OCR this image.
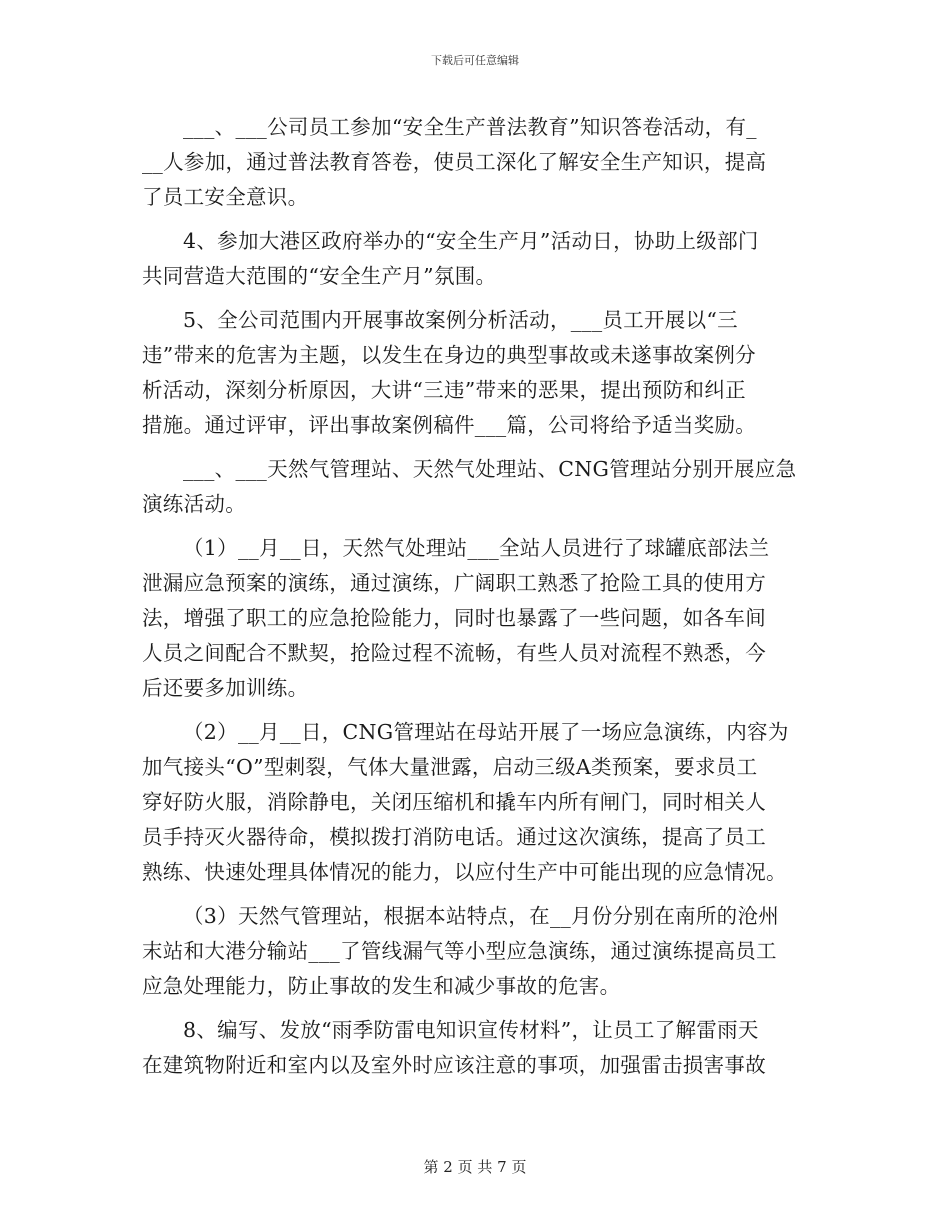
下载后可任意编辑
___、___公司员工参加“安全生产普法教育”知识答卷活动，有_
__人参加，通过普法教育答卷，使员工深化了解安全生产知识，提高
了员工安全意识。
4、参加大港区政府举办的“安全生产月”活动日，协助上级部门
共同营造大范围的“安全生产月”氛围。
5、全公司范围内开展事故案例分析活动，___员工开展以“三
违”带来的危害为主题，以发生在身边的典型事故或未遂事故案例分
析活动，深刻分析原因，大讲“三违”带来的恶果，提出预防和纠正
措施。通过评审，评出事故案例稿件___篇，公司将给予适当奖励。
___、___天然气管理站、天然气处理站、CNG管理站分别开展应急
演练活动。
（1）__月__日，天然气处理站___全站人员进行了球罐底部法兰
泄漏应急预案的演练，通过演练，广阔职工熟悉了抢险工具的使用方
法，增强了职工的应急抢险能力，同时也暴露了一些问题，如各车间
人员之间配合不默契，抢险过程不流畅，有些人员对流程不熟悉，今
后还要多加训练。
（2）__月__日，CNG管理站在母站开展了一场应急演练，内容为
加气接头“O”型刺裂，气体大量泄露，启动三级A类预案，要求员工
穿好防火服，消除静电，关闭压缩机和撬车内所有闸门，同时相关人
员手持灭火器待命，模拟拨打消防电话。通过这次演练，提高了员工
熟练、快速处理具体情况的能力，以应付生产中可能出现的应急情况。
（3）天然气管理站，根据本站特点，在__月份分别在南所的沧州
末站和大港分输站___了管线漏气等小型应急演练，通过演练提高员工
应急处理能力，防止事故的发生和减少事故的危害。
8、编写、发放“雨季防雷电知识宣传材料”，让员工了解雷雨天
在建筑物附近和室内以及室外时应该注意的事项，加强雷击损害事故
第 2 页 共 7 页
